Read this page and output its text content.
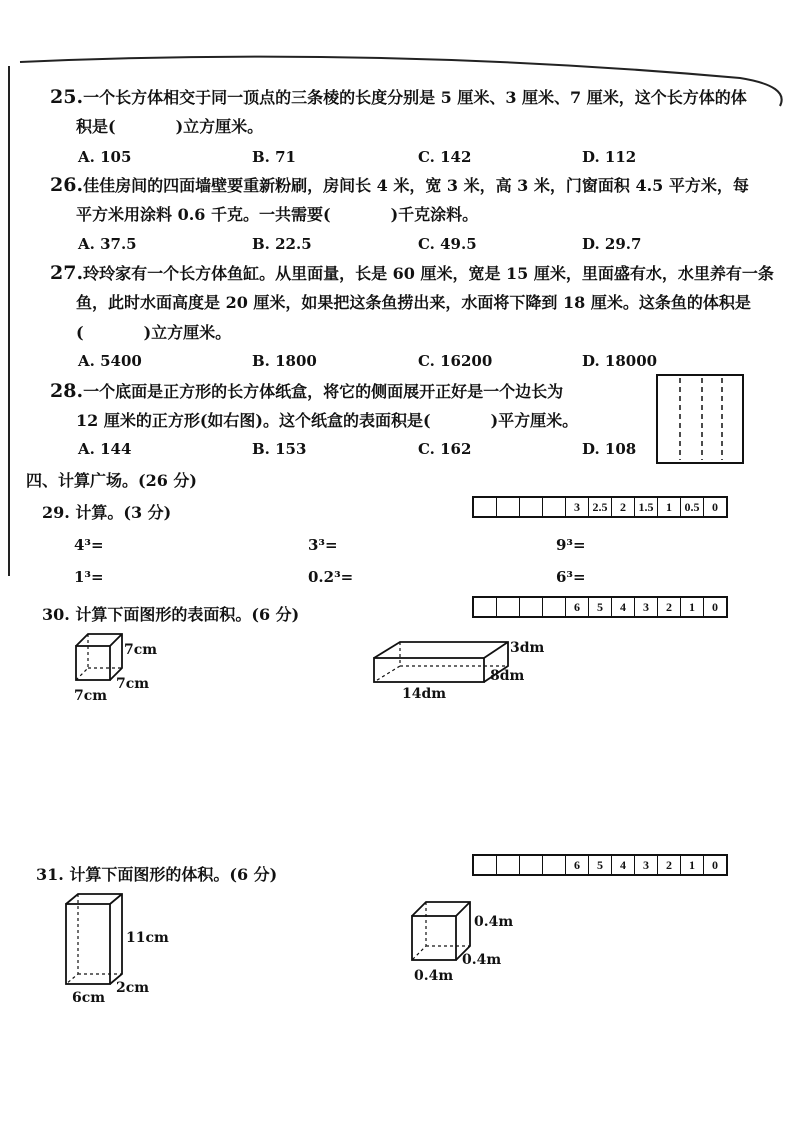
25.一个长方体相交于同一顶点的三条棱的长度分别是 5 厘米、3 厘米、7 厘米，这个长方体的体
积是(	)立方厘米。
A. 105	B. 71	C. 142	D. 112
26.佳佳房间的四面墙壁要重新粉刷，房间长 4 米，宽 3 米，高 3 米，门窗面积 4.5 平方米，每
平方米用涂料 0.6 千克。一共需要(	)千克涂料。
A. 37.5	B. 22.5	C. 49.5	D. 29.7
27.玲玲家有一个长方体鱼缸。从里面量，长是 60 厘米，宽是 15 厘米，里面盛有水，水里养有一条
鱼，此时水面高度是 20 厘米，如果把这条鱼捞出来，水面将下降到 18 厘米。这条鱼的体积是
(	)立方厘米。
A. 5400	B. 1800	C. 16200	D. 18000
28.一个底面是正方形的长方体纸盒，将它的侧面展开正好是一个边长为
12 厘米的正方形(如右图)。这个纸盒的表面积是(	)平方厘米。
A. 144	B. 153	C. 162	D. 108
四、计算广场。(26 分)
29. 计算。(3 分)	3	2.5	2	1.5	1	0.5	0
4³=	3³=	9³=
1³=	0.2³=	6³=
30. 计算下面图形的表面积。(6 分)	6	5	4	3	2	1	0
7cm
7cm
7cm
3dm
8dm
14dm
31. 计算下面图形的体积。(6 分)	6	5	4	3	2	1	0
11cm
2cm
6cm
0.4m
0.4m
0.4m
